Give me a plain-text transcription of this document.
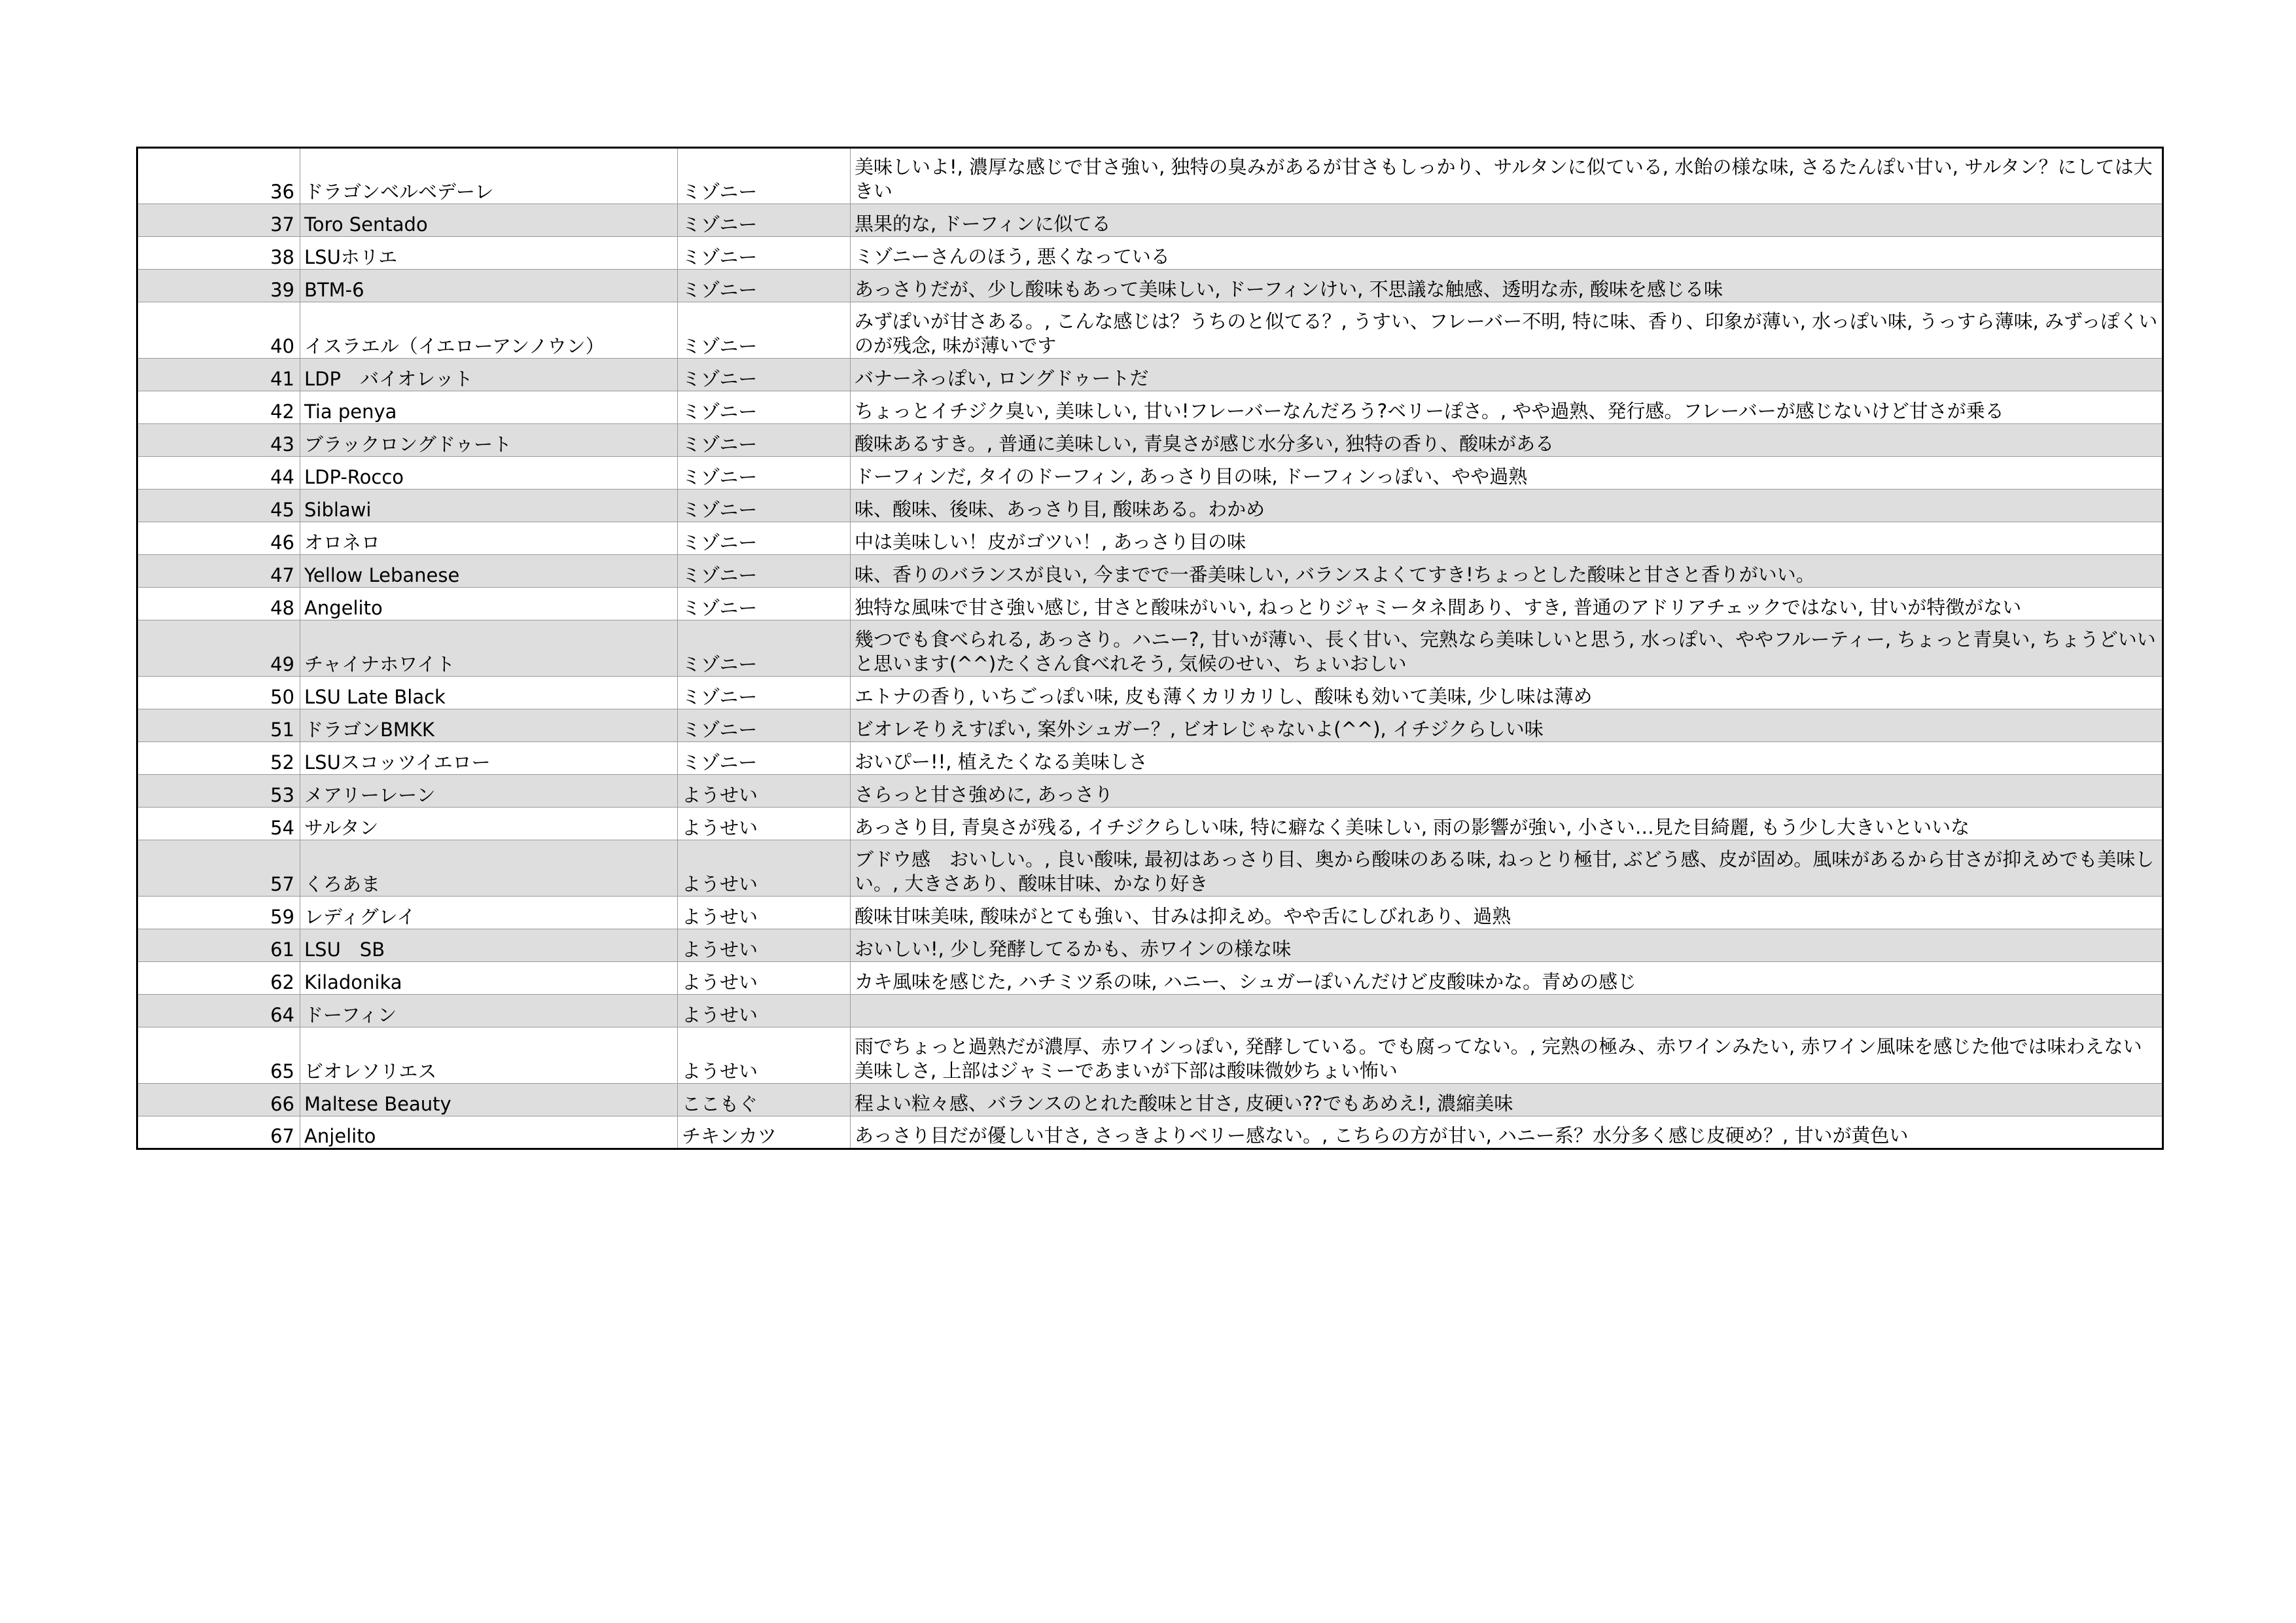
36	ドラゴンベルベデーレ	ミゾニー	美味しいよ!, 濃厚な感じで甘さ強い, 独特の臭みがあるが甘さもしっかり、サルタンに似ている, 水飴の様な味, さるたんぽい甘い, サルタン？にしては大きい
37	Toro Sentado	ミゾニー	黒果的な, ドーフィンに似てる
38	LSUホリエ	ミゾニー	ミゾニーさんのほう, 悪くなっている
39	BTM-6	ミゾニー	あっさりだが、少し酸味もあって美味しい, ドーフィンけい, 不思議な触感、透明な赤, 酸味を感じる味
40	イスラエル（イエローアンノウン）	ミゾニー	みずぽいが甘さある。, こんな感じは？うちのと似てる？, うすい、フレーバー不明, 特に味、香り、印象が薄い, 水っぽい味, うっすら薄味, みずっぽくいのが残念, 味が薄いです
41	LDP　バイオレット	ミゾニー	バナーネっぽい, ロングドゥートだ
42	Tia penya	ミゾニー	ちょっとイチジク臭い, 美味しい, 甘い!フレーバーなんだろう?ベリーぽさ。, やや過熟、発行感。フレーバーが感じないけど甘さが乗る
43	ブラックロングドゥート	ミゾニー	酸味あるすき。, 普通に美味しい, 青臭さが感じ水分多い, 独特の香り、酸味がある
44	LDP-Rocco	ミゾニー	ドーフィンだ, タイのドーフィン, あっさり目の味, ドーフィンっぽい、やや過熟
45	Siblawi	ミゾニー	味、酸味、後味、あっさり目, 酸味ある。わかめ
46	オロネロ	ミゾニー	中は美味しい！皮がゴツい！, あっさり目の味
47	Yellow Lebanese	ミゾニー	味、香りのバランスが良い, 今までで一番美味しい, バランスよくてすき!ちょっとした酸味と甘さと香りがいい。
48	Angelito	ミゾニー	独特な風味で甘さ強い感じ, 甘さと酸味がいい, ねっとりジャミータネ間あり、すき, 普通のアドリアチェックではない, 甘いが特徴がない
49	チャイナホワイト	ミゾニー	幾つでも食べられる, あっさり。ハニー?, 甘いが薄い、長く甘い、完熟なら美味しいと思う, 水っぽい、ややフルーティー, ちょっと青臭い, ちょうどいいと思います(^^)たくさん食べれそう, 気候のせい、ちょいおしい
50	LSU Late Black	ミゾニー	エトナの香り, いちごっぽい味, 皮も薄くカリカリし、酸味も効いて美味, 少し味は薄め
51	ドラゴンBMKK	ミゾニー	ビオレそりえすぽい, 案外シュガー？, ビオレじゃないよ(^^), イチジクらしい味
52	LSUスコッツイエロー	ミゾニー	おいぴー!!, 植えたくなる美味しさ
53	メアリーレーン	ようせい	さらっと甘さ強めに, あっさり
54	サルタン	ようせい	あっさり目, 青臭さが残る, イチジクらしい味, 特に癖なく美味しい, 雨の影響が強い, 小さい…見た目綺麗, もう少し大きいといいな
57	くろあま	ようせい	ブドウ感　おいしい。, 良い酸味, 最初はあっさり目、奥から酸味のある味, ねっとり極甘, ぶどう感、皮が固め。風味があるから甘さが抑えめでも美味しい。, 大きさあり、酸味甘味、かなり好き
59	レディグレイ	ようせい	酸味甘味美味, 酸味がとても強い、甘みは抑えめ。やや舌にしびれあり、過熟
61	LSU　SB	ようせい	おいしい!, 少し発酵してるかも、赤ワインの様な味
62	Kiladonika	ようせい	カキ風味を感じた, ハチミツ系の味, ハニー、シュガーぽいんだけど皮酸味かな。青めの感じ
64	ドーフィン	ようせい	
65	ビオレソリエス	ようせい	雨でちょっと過熟だが濃厚、赤ワインっぽい, 発酵している。でも腐ってない。, 完熟の極み、赤ワインみたい, 赤ワイン風味を感じた他では味わえない美味しさ, 上部はジャミーであまいが下部は酸味微妙ちょい怖い
66	Maltese Beauty	ここもぐ	程よい粒々感、バランスのとれた酸味と甘さ, 皮硬い??でもあめえ!, 濃縮美味
67	Anjelito	チキンカツ	あっさり目だが優しい甘さ, さっきよりベリー感ない。, こちらの方が甘い, ハニー系？水分多く感じ皮硬め？, 甘いが黄色い
